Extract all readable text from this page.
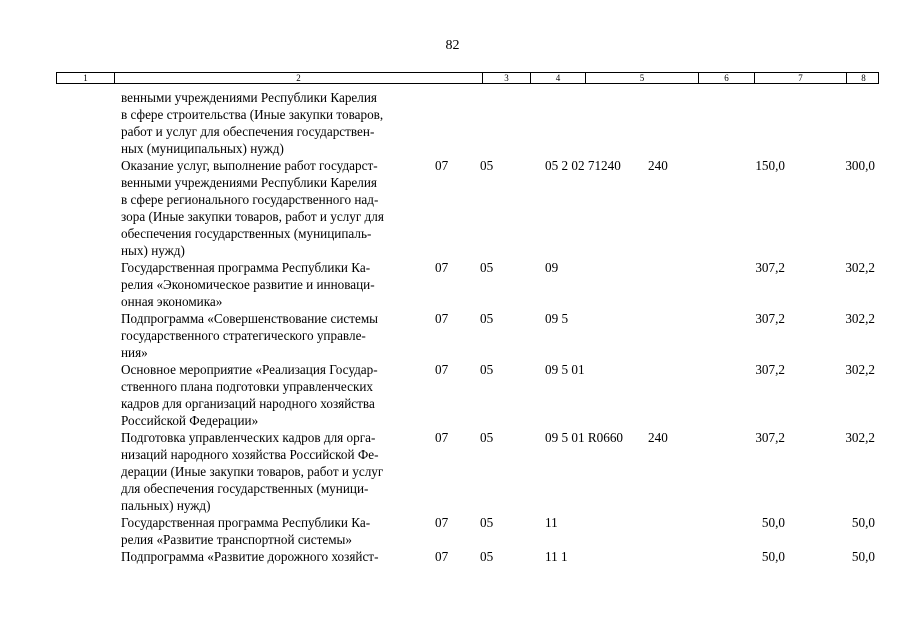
82
1	2	3	4	5	6	7	8
венными учреждениями Республики Карелия
в сфере строительства (Иные закупки товаров,
работ и услуг для обеспечения государствен-
ных (муниципальных) нужд)
Оказание услуг, выполнение работ государст-
венными учреждениями Республики Карелия
в сфере регионального государственного над-
зора (Иные закупки товаров, работ и услуг для
обеспечения государственных (муниципаль-
ных) нужд)
07 05	05 2 02 71240 240	150,0	300,0
Государственная программа Республики Ка-
релия «Экономическое развитие и инноваци-
онная экономика»
07 05	09	307,2	302,2
Подпрограмма «Совершенствование системы
государственного стратегического управле-
ния»
07 05	09 5	307,2	302,2
Основное мероприятие «Реализация Государ-
ственного плана подготовки управленческих
кадров для организаций народного хозяйства
Российской Федерации»
07 05	09 5 01	307,2	302,2
Подготовка управленческих кадров для орга-
низаций народного хозяйства Российской Фе-
дерации (Иные закупки товаров, работ и услуг
для обеспечения государственных (муници-
пальных) нужд)
07 05	09 5 01 R0660 240	307,2	302,2
Государственная программа Республики Ка-
релия «Развитие транспортной системы»
07 05	11	50,0	50,0
Подпрограмма «Развитие дорожного хозяйст-	07 05	11 1	50,0	50,0
